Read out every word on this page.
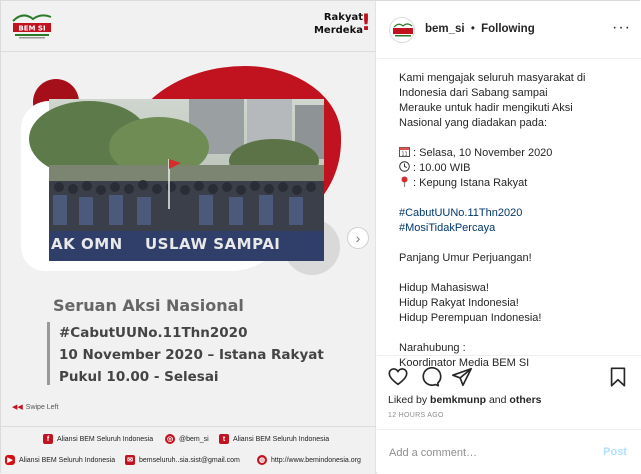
BEM SI
Rakyat
Merdeka
!
AK OMN USLAW SAMPAI	›
Seruan Aksi Nasional
#CabutUUNo.11Thn2020
10 November 2020 – Istana Rakyat
Pukul 10.00 - Selesai
◀◀ Swipe Left
f	Aliansi BEM Seluruh Indonesia ◎ @bem_si	t	Aliansi BEM Seluruh Indonesia
▶ Aliansi BEM Seluruh Indonesia ✉ bemseluruh..sia.sist@gmail.com	◍ http://www.bemindonesia.org
bem_si • Following	···

Kami mengajak seluruh masyarakat di

Indonesia dari Sabang sampai

Merauke untuk hadir mengikuti Aksi

Nasional yang diadakan pada:

11 : Selasa, 10 November 2020

: 10.00 WIB

: Kepung Istana Rakyat

#CabutUUNo.11Thn2020

#MosiTidakPercaya

Panjang Umur Perjuangan!

Hidup Mahasiswa!

Hidup Rakyat Indonesia!

Hidup Perempuan Indonesia!

Narahubung :

Koordinator Media BEM SI

Liked by bemkmunp and others
12 HOURS AGO
Add a comment…
Post
